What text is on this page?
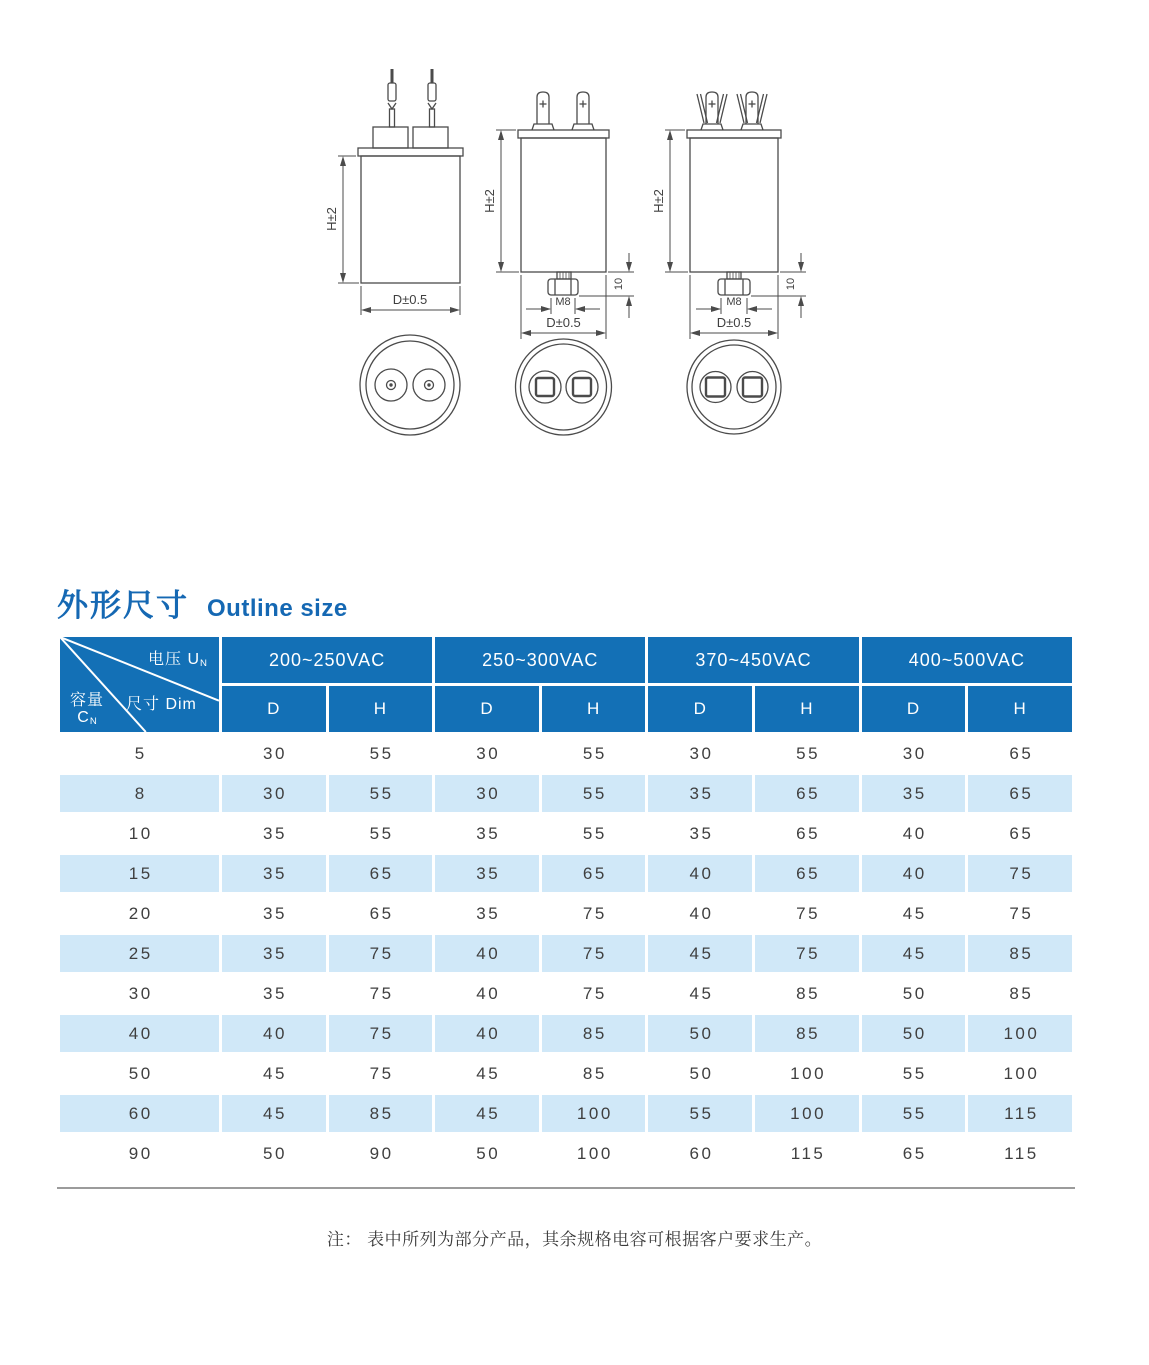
H±2
D±0.5
H±2
M8
10
D±0.5
H±2
M8
10
D±0.5
外形尺寸 Outline size
电压 $U_N$
尺寸 Dim
容量
$C_N$	200~250VAC		250~300VAC		370~450VAC		400~500VAC	
	D	H	D	H	D	H	D	H
5	30	55	30	55	30	55	30	65
8	30	55	30	55	35	65	35	65
10	35	55	35	55	35	65	40	65
15	35	65	35	65	40	65	40	75
20	35	65	35	75	40	75	45	75
25	35	75	40	75	45	75	45	85
30	35	75	40	75	45	85	50	85
40	40	75	40	85	50	85	50	100
50	45	75	45	85	50	100	55	100
60	45	85	45	100	55	100	55	115
90	50	90	50	100	60	115	65	115

注： 表中所列为部分产品，其余规格电容可根据客户要求生产。
